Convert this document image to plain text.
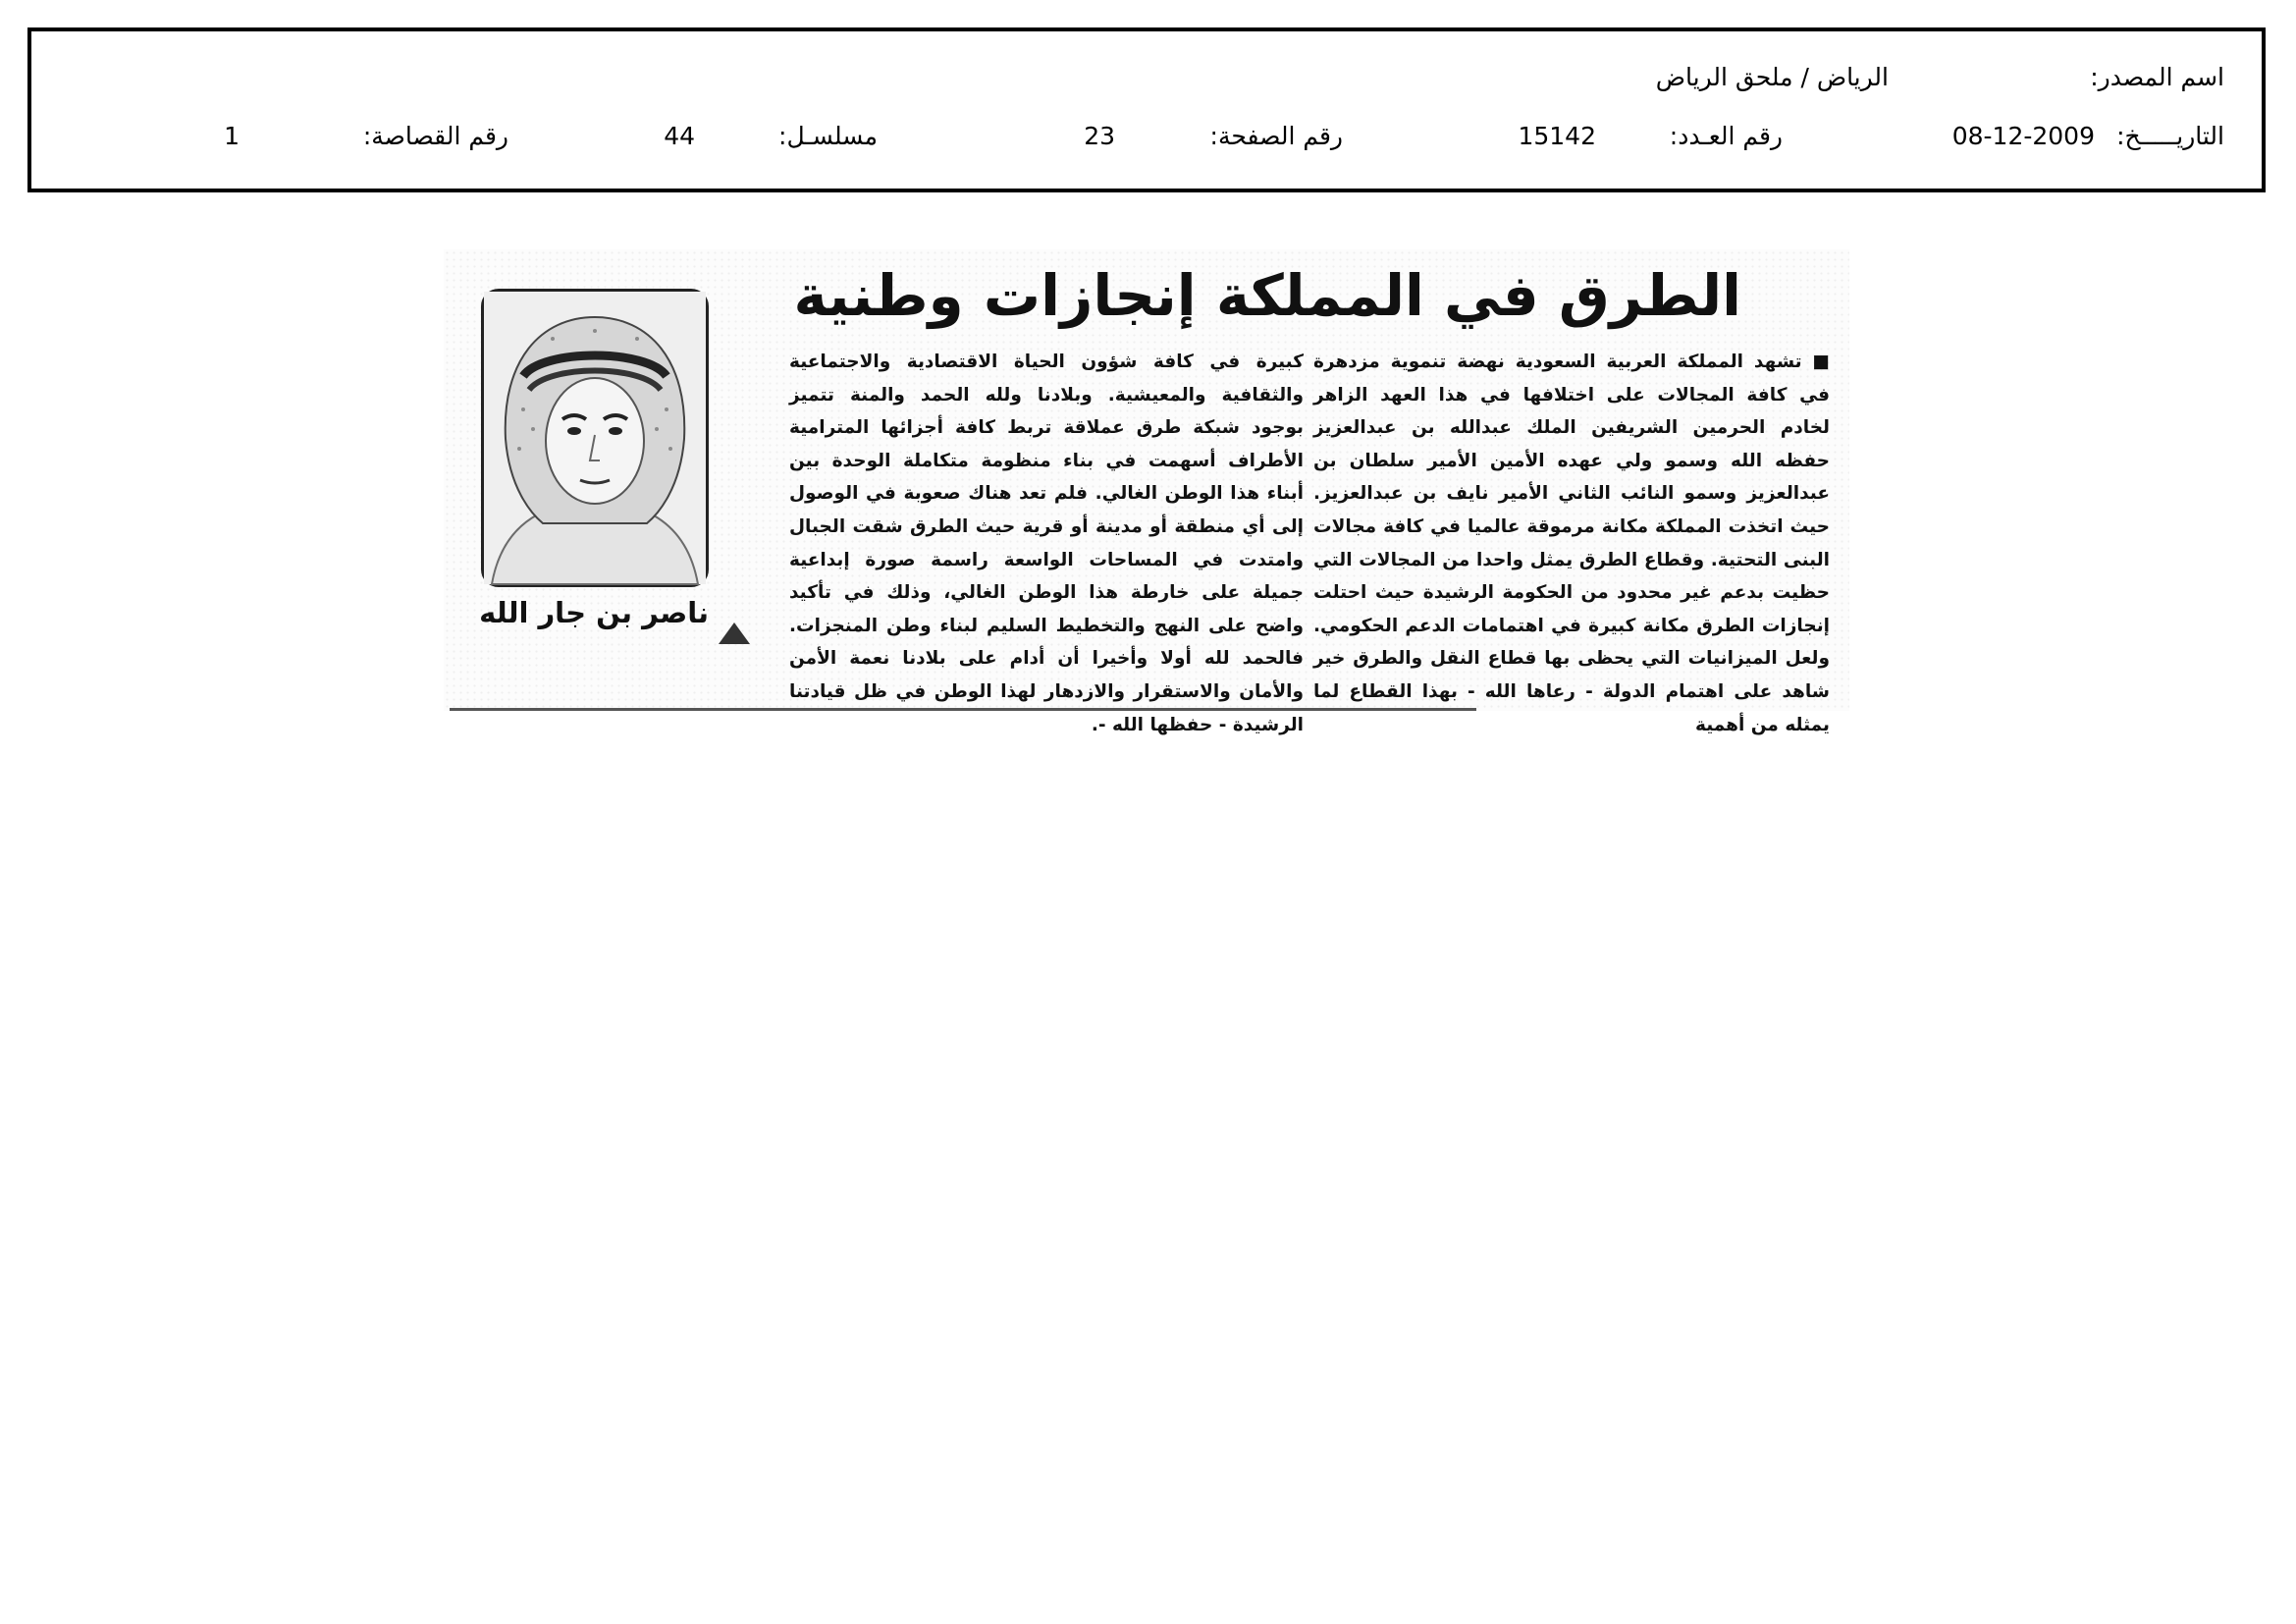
اسم المصدر:
الرياض / ملحق الرياض
التاريـــــخ:
08-12-2009
رقم العـدد:
15142
رقم الصفحة:
23
مسلسـل:
44
رقم القصاصة:
1
الطرق في المملكة إنجازات وطنية
■ تشهد المملكة العربية السعودية نهضة تنموية مزدهرة في كافة المجالات على اختلافها في هذا العهد الزاهر لخادم الحرمين الشريفين الملك عبدالله بن عبدالعزيز حفظه الله وسمو ولي عهده الأمين الأمير سلطان بن عبدالعزيز وسمو النائب الثاني الأمير نايف بن عبدالعزيز. حيث اتخذت المملكة مكانة مرموقة عالميا في كافة مجالات البنى التحتية. وقطاع الطرق يمثل واحدا من المجالات التي حظيت بدعم غير محدود من الحكومة الرشيدة حيث احتلت إنجازات الطرق مكانة كبيرة في اهتمامات الدعم الحكومي. ولعل الميزانيات التي يحظى بها قطاع النقل والطرق خير شاهد على اهتمام الدولة - رعاها الله - بهذا القطاع لما يمثله من أهمية
كبيرة في كافة شؤون الحياة الاقتصادية والاجتماعية والثقافية والمعيشية. وبلادنا ولله الحمد والمنة تتميز بوجود شبكة طرق عملاقة تربط كافة أجزائها المترامية الأطراف أسهمت في بناء منظومة متكاملة الوحدة بين أبناء هذا الوطن الغالي. فلم تعد هناك صعوبة في الوصول إلى أي منطقة أو مدينة أو قرية حيث الطرق شقت الجبال وامتدت في المساحات الواسعة راسمة صورة إبداعية جميلة على خارطة هذا الوطن الغالي، وذلك في تأكيد واضح على النهج والتخطيط السليم لبناء وطن المنجزات. فالحمد لله أولا وأخيرا أن أدام على بلادنا نعمة الأمن والأمان والاستقرار والازدهار لهذا الوطن في ظل قيادتنا الرشيدة - حفظها الله -.
ناصر بن جار الله
